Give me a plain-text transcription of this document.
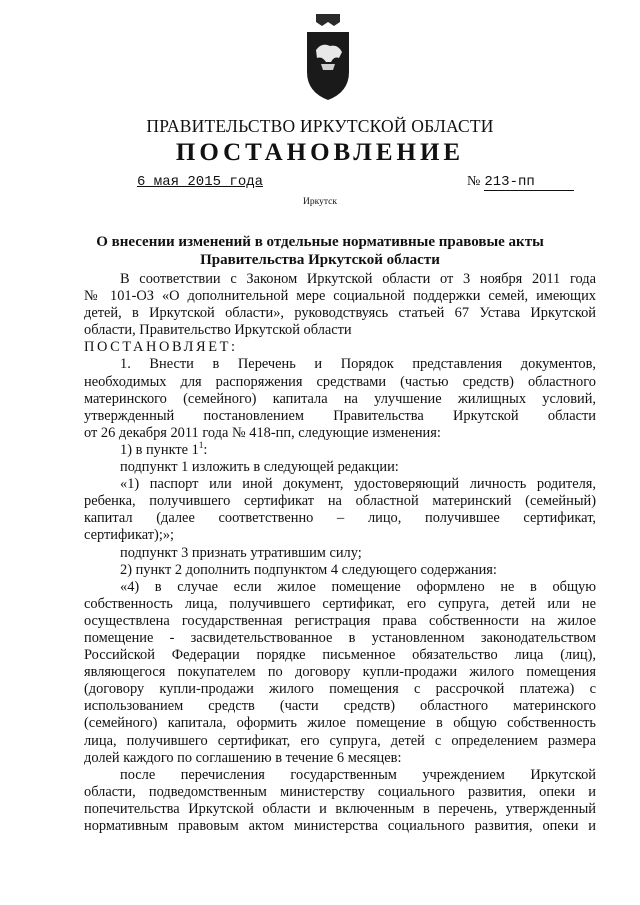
ПРАВИТЕЛЬСТВО ИРКУТСКОЙ ОБЛАСТИ
ПОСТАНОВЛЕНИЕ
6 мая 2015 года	№ 213-пп
Иркутск
О внесении изменений в отдельные нормативные правовые акты
Правительства Иркутской области

В соответствии с Законом Иркутской области от 3 ноября 2011 года

№ 101-ОЗ «О дополнительной мере социальной поддержки семей, имеющих

детей, в Иркутской области», руководствуясь статьей 67 Устава Иркутской

области, Правительство Иркутской области

ПОСТАНОВЛЯЕТ:

1. Внести в Перечень и Порядок представления документов,

необходимых для распоряжения средствами (частью средств) областного

материнского (семейного) капитала на улучшение жилищных условий,

утвержденный постановлением Правительства Иркутской области

от 26 декабря 2011 года № 418-пп, следующие изменения:

1) в пункте $1^1$:

подпункт 1 изложить в следующей редакции:

«1) паспорт или иной документ, удостоверяющий личность родителя,

ребенка, получившего сертификат на областной материнский (семейный)

капитал (далее соответственно – лицо, получившее сертификат,

сертификат);»;

подпункт 3 признать утратившим силу;

2) пункт 2 дополнить подпунктом 4 следующего содержания:

«4) в случае если жилое помещение оформлено не в общую

собственность лица, получившего сертификат, его супруга, детей или не

осуществлена государственная регистрация права собственности на жилое

помещение - засвидетельствованное в установленном законодательством

Российской Федерации порядке письменное обязательство лица (лиц),

являющегося покупателем по договору купли-продажи жилого помещения

(договору купли-продажи жилого помещения с рассрочкой платежа) с

использованием средств (части средств) областного материнского

(семейного) капитала, оформить жилое помещение в общую собственность

лица, получившего сертификат, его супруга, детей с определением размера

долей каждого по соглашению в течение 6 месяцев:

после перечисления государственным учреждением Иркутской

области, подведомственным министерству социального развития, опеки и

попечительства Иркутской области и включенным в перечень, утвержденный

нормативным правовым актом министерства социального развития, опеки и
